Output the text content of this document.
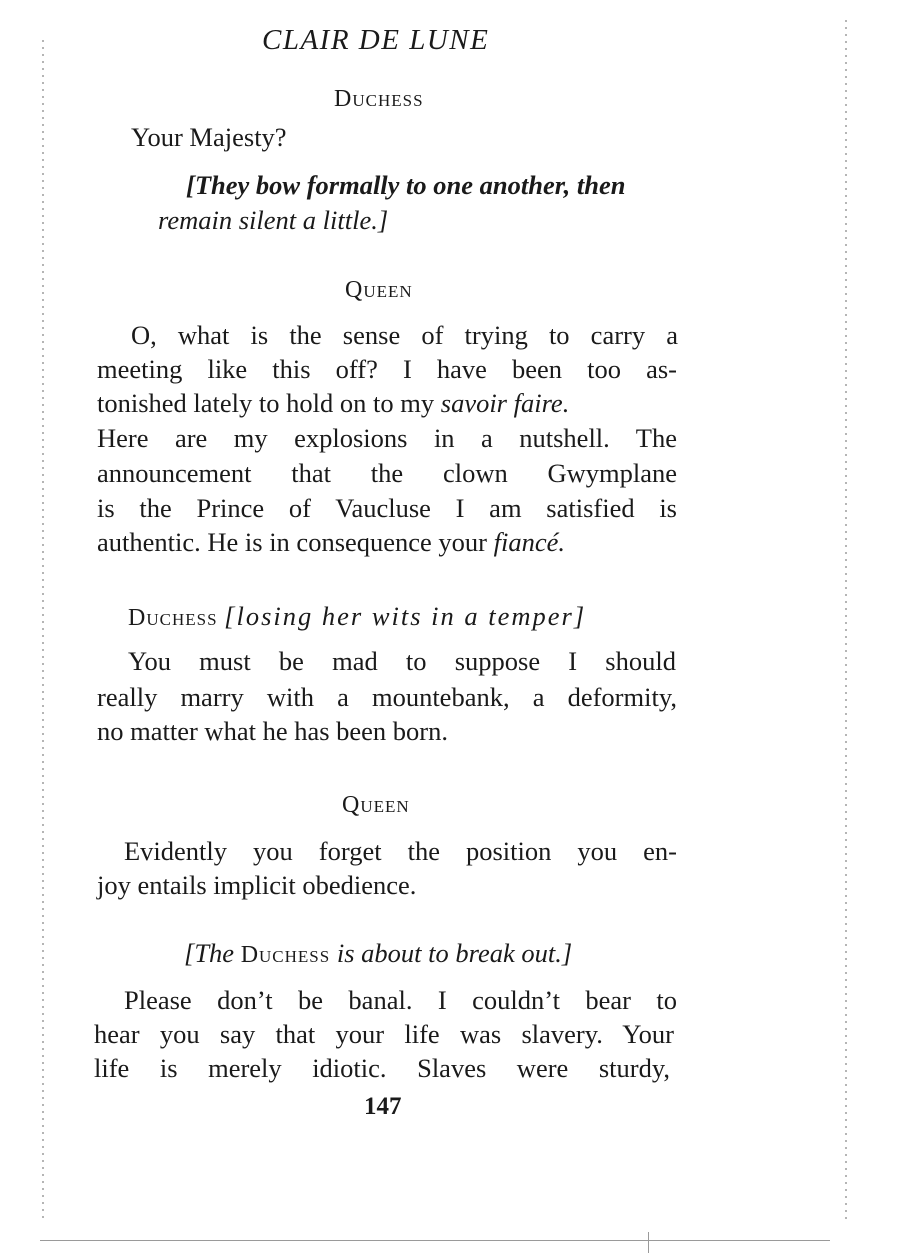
CLAIR DE LUNE
Duchess
Your Majesty?
[They bow formally to one another, then
remain silent a little.]
Queen
O, what is the sense of trying to carry a
meeting like this off? I have been too as-
tonished lately to hold on to my savoir faire.
Here are my explosions in a nutshell. The
announcement that the clown Gwymplane
is the Prince of Vaucluse I am satisfied is
authentic. He is in consequence your fiancé.
Duchess [losing her wits in a temper]
You must be mad to suppose I should
really marry with a mountebank, a deformity,
no matter what he has been born.
Queen
Evidently you forget the position you en-
joy entails implicit obedience.
[The Duchess is about to break out.]
Please don’t be banal. I couldn’t bear to
hear you say that your life was slavery. Your
life is merely idiotic. Slaves were sturdy,
147
